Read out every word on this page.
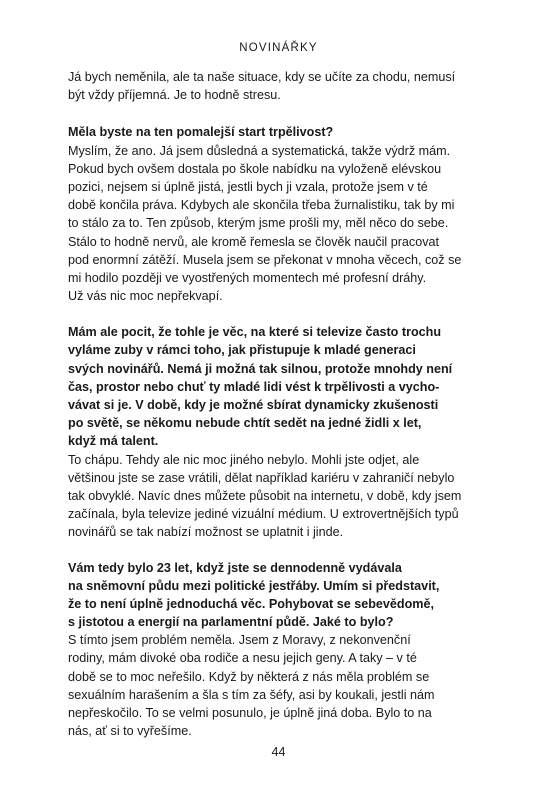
NOVINÁŘKY
Já bych neměnila, ale ta naše situace, kdy se učíte za chodu, nemusí
být vždy příjemná. Je to hodně stresu.
Měla byste na ten pomalejší start trpělivost?
Myslím, že ano. Já jsem důsledná a systematická, takže výdrž mám.
Pokud bych ovšem dostala po škole nabídku na vyloženě elévskou
pozici, nejsem si úplně jistá, jestli bych ji vzala, protože jsem v té
době končila práva. Kdybych ale skončila třeba žurnalistiku, tak by mi
to stálo za to. Ten způsob, kterým jsme prošli my, měl něco do sebe.
Stálo to hodně nervů, ale kromě řemesla se člověk naučil pracovat
pod enormní zátěží. Musela jsem se překonat v mnoha věcech, což se
mi hodilo později ve vyostřených momentech mé profesní dráhy.
Už vás nic moc nepřekvapí.
Mám ale pocit, že tohle je věc, na které si televize často trochu
vyláme zuby v rámci toho, jak přistupuje k mladé generaci
svých novinářů. Nemá ji možná tak silnou, protože mnohdy není
čas, prostor nebo chuť ty mladé lidi vést k trpělivosti a vycho-
vávat si je. V době, kdy je možné sbírat dynamicky zkušenosti
po světě, se někomu nebude chtít sedět na jedné židli x let,
když má talent.
To chápu. Tehdy ale nic moc jiného nebylo. Mohli jste odjet, ale
většinou jste se zase vrátili, dělat například kariéru v zahraničí nebylo
tak obvyklé. Navíc dnes můžete působit na internetu, v době, kdy jsem
začínala, byla televize jediné vizuální médium. U extrovertnějších typů
novinářů se tak nabízí možnost se uplatnit i jinde.
Vám tedy bylo 23 let, když jste se dennodenně vydávala
na sněmovní půdu mezi politické jestřáby. Umím si představit,
že to není úplně jednoduchá věc. Pohybovat se sebevědomě,
s jistotou a energií na parlamentní půdě. Jaké to bylo?
S tímto jsem problém neměla. Jsem z Moravy, z nekonvenční
rodiny, mám divoké oba rodiče a nesu jejich geny. A taky – v té
době se to moc neřešilo. Když by některá z nás měla problém se
sexuálním harašením a šla s tím za šéfy, asi by koukali, jestli nám
nepřeskočilo. To se velmi posunulo, je úplně jiná doba. Bylo to na
nás, ať si to vyřešíme.
44
